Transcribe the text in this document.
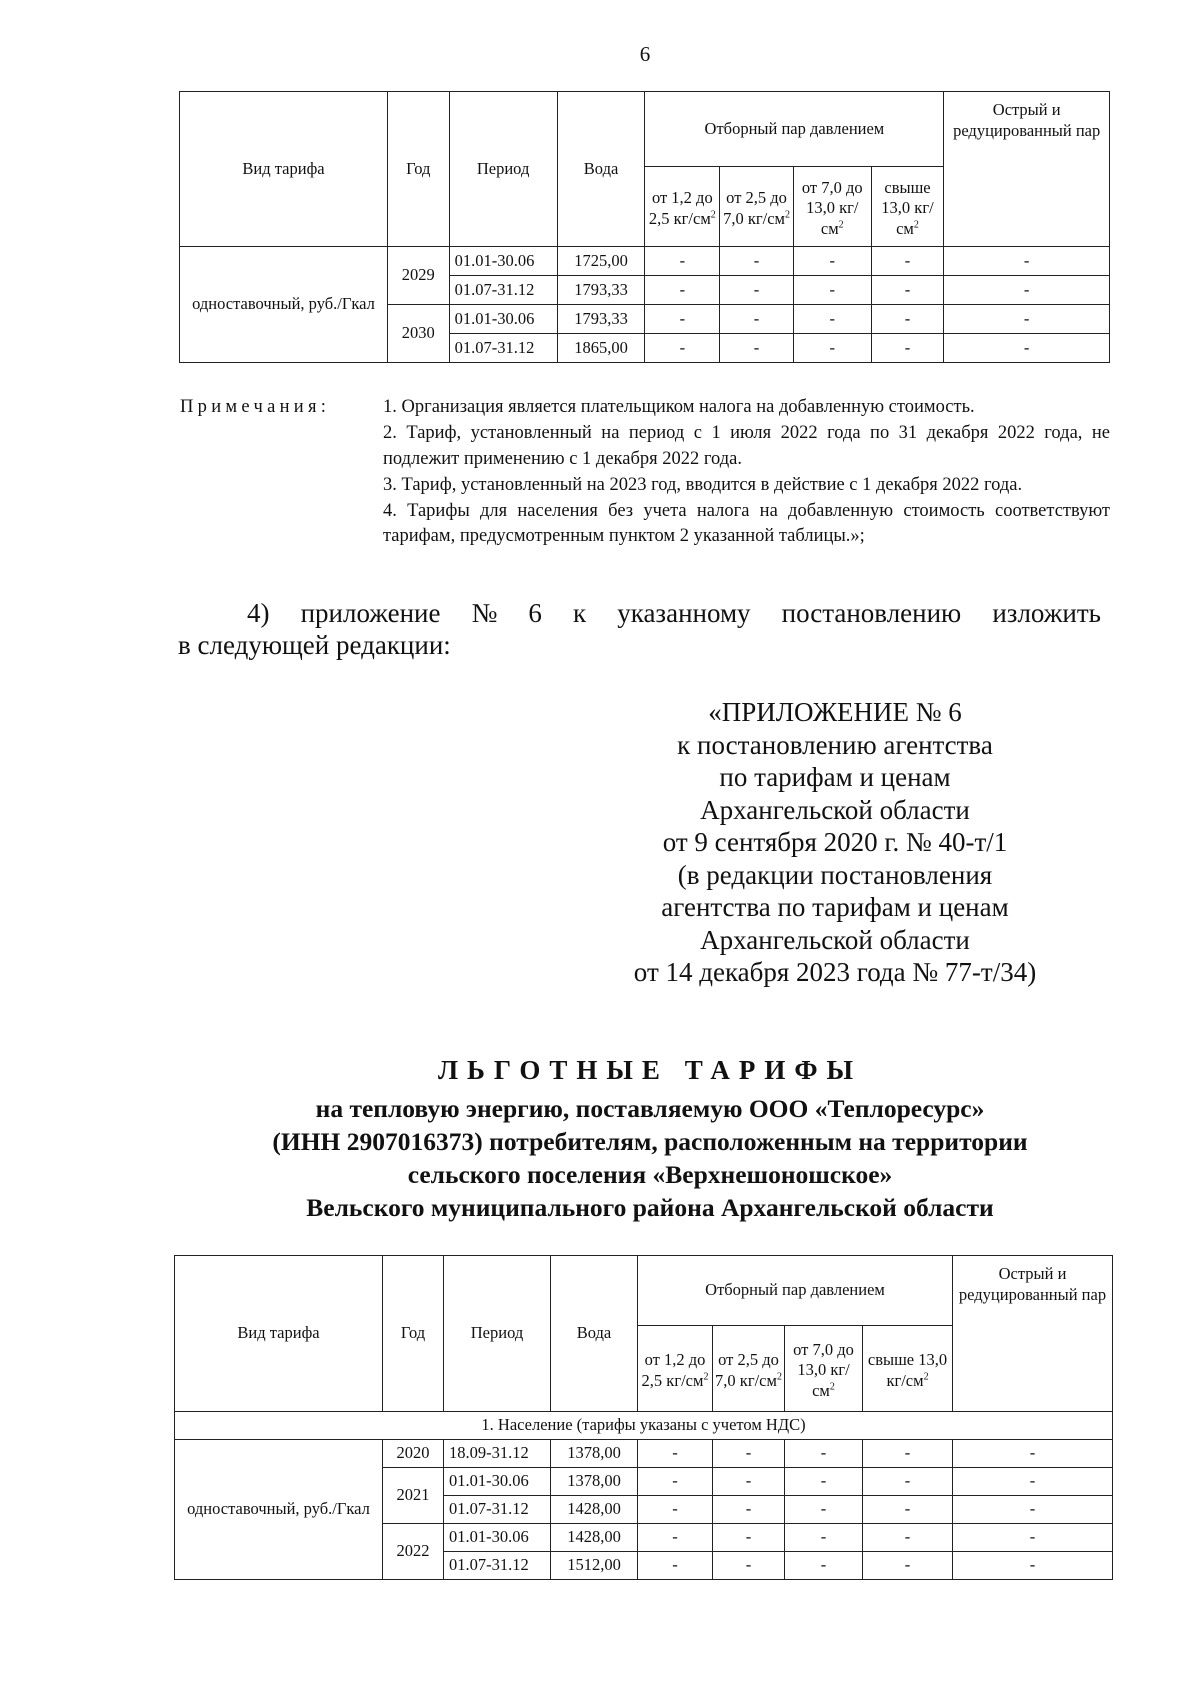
6
Вид тарифа	Год	Период	Вода	Отборный пар давлением				Острый и редуцированный пар
				от 1,2 до 2,5 $кг/см^2$	от 2,5 до 7,0 $кг/см^2$	от 7,0 до 13,0 $кг/см^2$	свыше 13,0 $кг/см^2$
одноставочный, руб./Гкал	2029	01.01-30.06	1725,00	-	-	-	-	-
		01.07-31.12	1793,33	-	-	-	-	-
	2030	01.01-30.06	1793,33	-	-	-	-	-
		01.07-31.12	1865,00	-	-	-	-	-
Примечания:	1. Организация является плательщиком налога на добавленную стоимость.
2. Тариф, установленный на период с 1 июля 2022 года по 31 декабря 2022 года, не подлежит применению с 1 декабря 2022 года.
3. Тариф, установленный на 2023 год, вводится в действие с 1 декабря 2022 года.
4. Тарифы для населения без учета налога на добавленную стоимость соответствуют тарифам, предусмотренным пунктом 2 указанной таблицы.»;
4) приложение № 6 к указанному постановлению изложить
в следующей редакции:
«ПРИЛОЖЕНИЕ № 6
к постановлению агентства
по тарифам и ценам
Архангельской области
от 9 сентября 2020 г. № 40-т/1
(в редакции постановления
агентства по тарифам и ценам
Архангельской области
от 14 декабря 2023 года № 77-т/34)
ЛЬГОТНЫЕ ТАРИФЫ
на тепловую энергию, поставляемую ООО «Теплоресурс»
(ИНН 2907016373) потребителям, расположенным на территории
сельского поселения «Верхнешоношское»
Вельского муниципального района Архангельской области
Вид тарифа	Год	Период	Вода	Отборный пар давлением				Острый и редуцированный пар
				от 1,2 до 2,5 $кг/см^2$	от 2,5 до 7,0 $кг/см^2$	от 7,0 до 13,0 $кг/см^2$	свыше 13,0 $кг/см^2$
1. Население (тарифы указаны с учетом НДС)								
одноставочный, руб./Гкал	2020	18.09-31.12	1378,00	-	-	-	-	-
	2021	01.01-30.06	1378,00	-	-	-	-	-
		01.07-31.12	1428,00	-	-	-	-	-
	2022	01.01-30.06	1428,00	-	-	-	-	-
		01.07-31.12	1512,00	-	-	-	-	-
